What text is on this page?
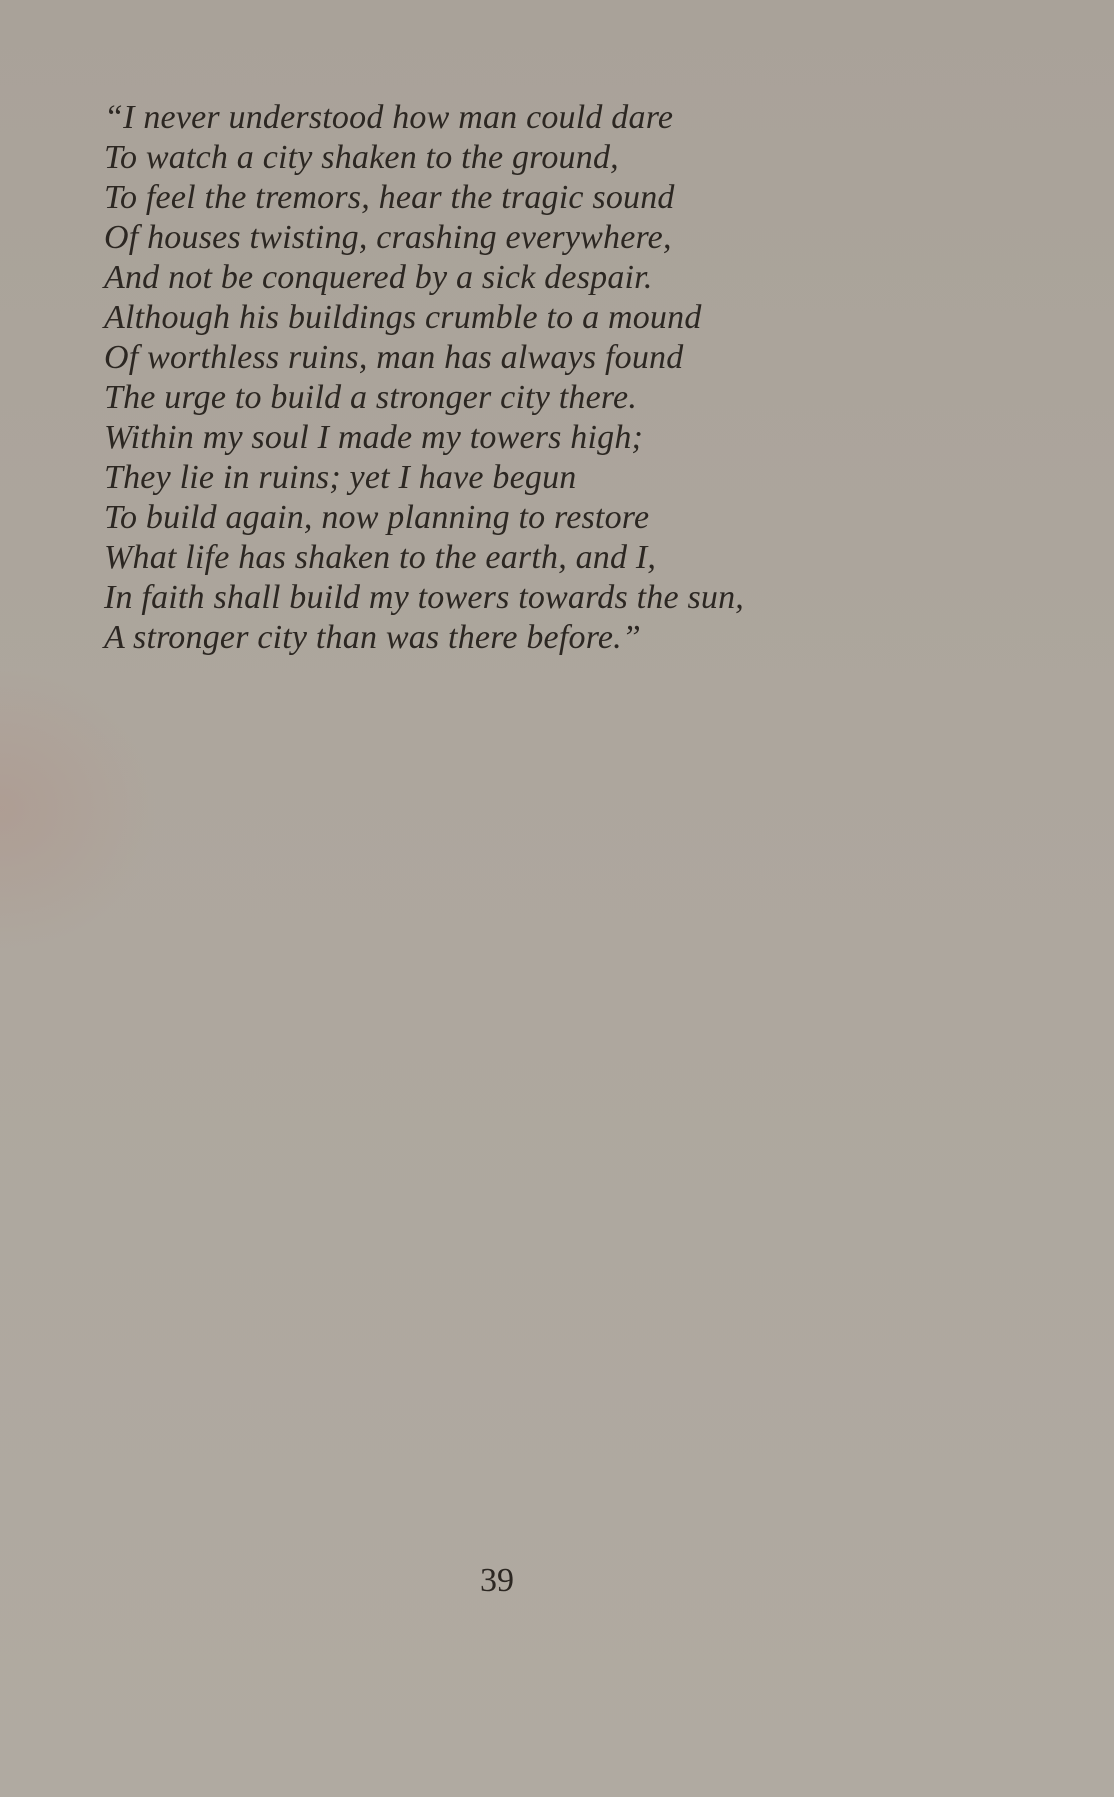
“I never understood how man could dare
To watch a city shaken to the ground,
To feel the tremors, hear the tragic sound
Of houses twisting, crashing everywhere,
And not be conquered by a sick despair.
Although his buildings crumble to a mound
Of worthless ruins, man has always found
The urge to build a stronger city there.
Within my soul I made my towers high;
They lie in ruins; yet I have begun
To build again, now planning to restore
What life has shaken to the earth, and I,
In faith shall build my towers towards the sun,
A stronger city than was there before.”
39
